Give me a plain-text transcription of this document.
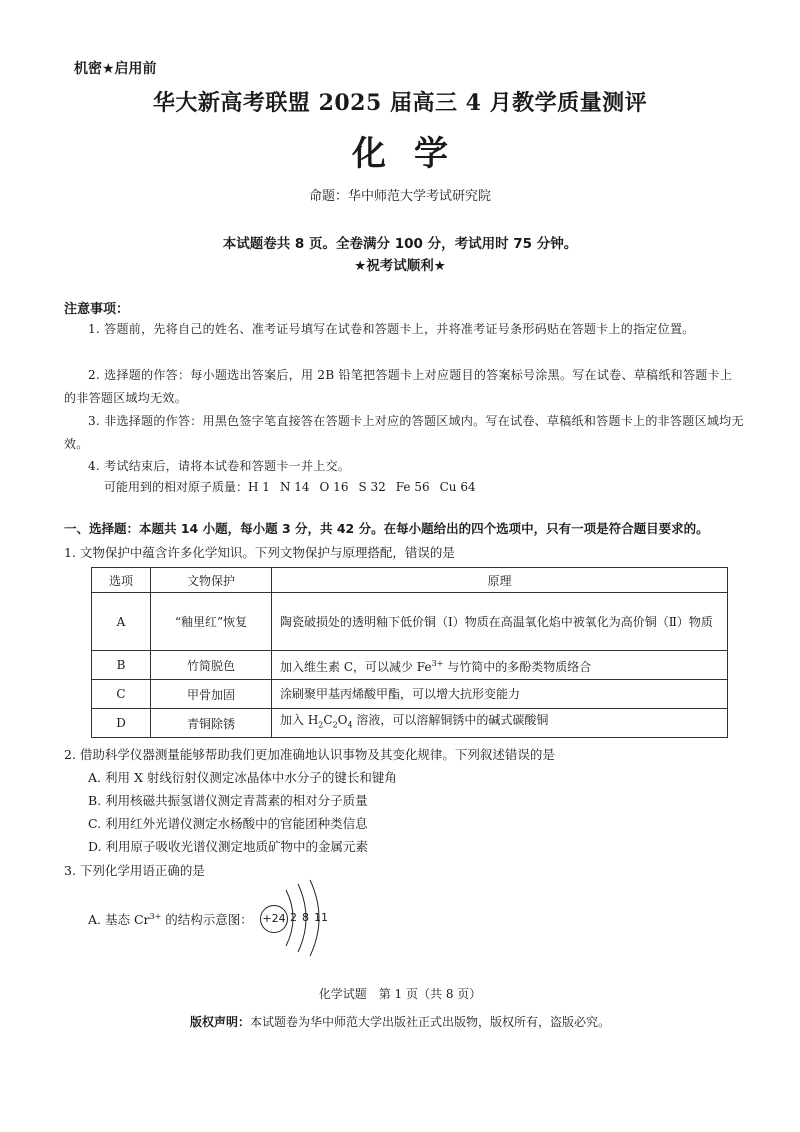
机密★启用前
华大新高考联盟 2025 届高三 4 月教学质量测评
化学
命题：华中师范大学考试研究院
本试题卷共 8 页。全卷满分 100 分，考试用时 75 分钟。
★祝考试顺利★
注意事项：
1. 答题前，先将自己的姓名、准考证号填写在试卷和答题卡上，并将准考证号条形码贴在答题卡上的指定位置。
2. 选择题的作答：每小题选出答案后，用 2B 铅笔把答题卡上对应题目的答案标号涂黑。写在试卷、草稿纸和答题卡上的非答题区域均无效。
3. 非选择题的作答：用黑色签字笔直接答在答题卡上对应的答题区域内。写在试卷、草稿纸和答题卡上的非答题区域均无效。
4. 考试结束后，请将本试卷和答题卡一并上交。
可能用到的相对原子质量：H 1 N 14 O 16 S 32 Fe 56 Cu 64
一、选择题：本题共 14 小题，每小题 3 分，共 42 分。在每小题给出的四个选项中，只有一项是符合题目要求的。
1. 文物保护中蕴含许多化学知识。下列文物保护与原理搭配，错误的是
选项	文物保护	原理
A	“釉里红”恢复	陶瓷破损处的透明釉下低价铜（Ⅰ）物质在高温氧化焰中被氧化为高价铜（Ⅱ）物质
B	竹简脱色	加入维生素 C，可以减少 $Fe^{3+}$ 与竹简中的多酚类物质络合
C	甲骨加固	涂刷聚甲基丙烯酸甲酯，可以增大抗形变能力
D	青铜除锈	加入 $H_2C_2O_4$ 溶液，可以溶解铜锈中的碱式碳酸铜
2. 借助科学仪器测量能够帮助我们更加准确地认识事物及其变化规律。下列叙述错误的是
A. 利用 X 射线衍射仪测定冰晶体中水分子的键长和键角
B. 利用核磁共振氢谱仪测定青蒿素的相对分子质量
C. 利用红外光谱仪测定水杨酸中的官能团种类信息
D. 利用原子吸收光谱仪测定地质矿物中的金属元素
3. 下列化学用语正确的是
A. 基态 $Cr^{3+}$ 的结构示意图： +24 2 8 11
化学试题　第 1 页（共 8 页）
版权声明：本试题卷为华中师范大学出版社正式出版物，版权所有，盗版必究。
